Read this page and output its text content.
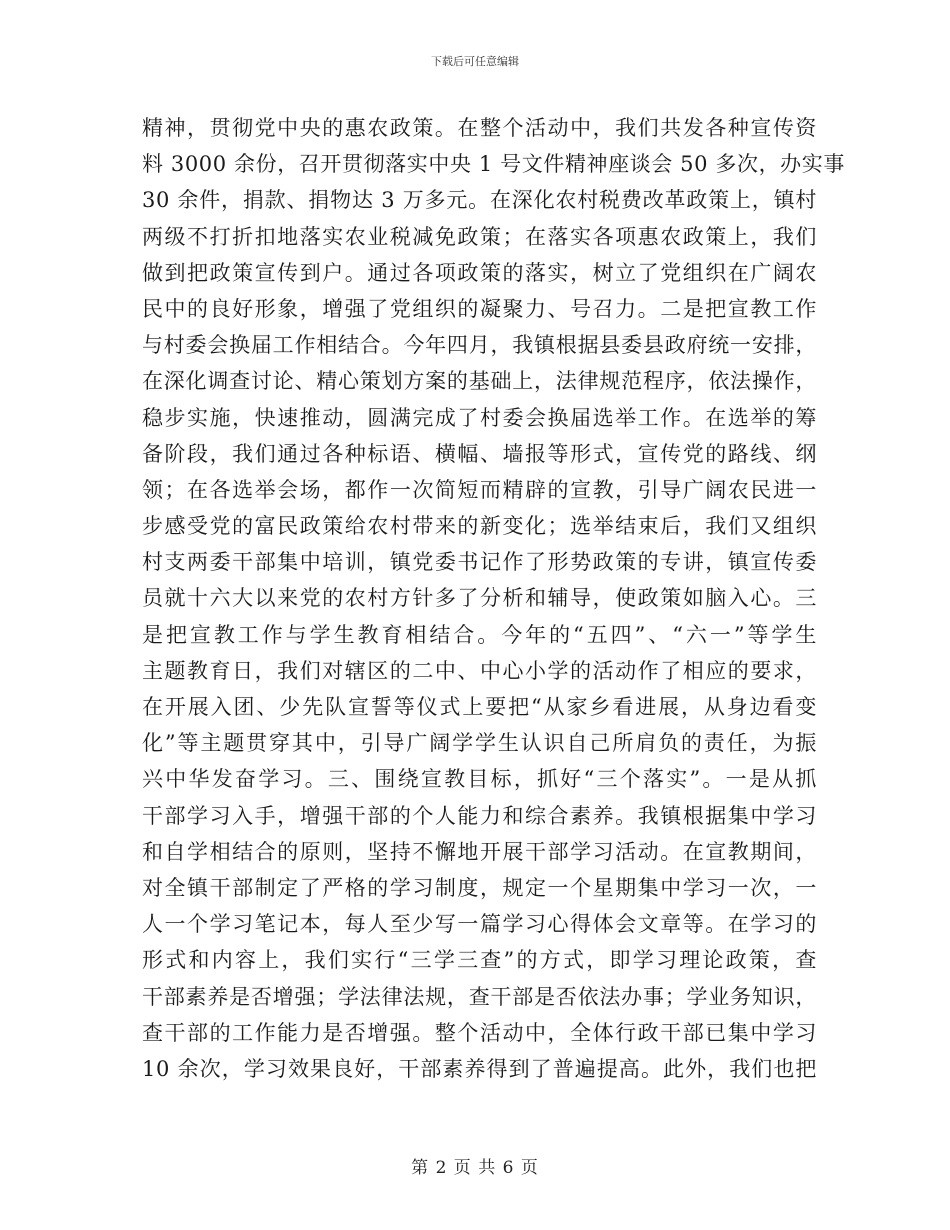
下载后可任意编辑
精神，贯彻党中央的惠农政策。在整个活动中，我们共发各种宣传资
料 3000 余份，召开贯彻落实中央 1 号文件精神座谈会 50 多次，办实事
30 余件，捐款、捐物达 3 万多元。在深化农村税费改革政策上，镇村
两级不打折扣地落实农业税减免政策；在落实各项惠农政策上，我们
做到把政策宣传到户。通过各项政策的落实，树立了党组织在广阔农
民中的良好形象，增强了党组织的凝聚力、号召力。二是把宣教工作
与村委会换届工作相结合。今年四月，我镇根据县委县政府统一安排，
在深化调查讨论、精心策划方案的基础上，法律规范程序，依法操作，
稳步实施，快速推动，圆满完成了村委会换届选举工作。在选举的筹
备阶段，我们通过各种标语、横幅、墙报等形式，宣传党的路线、纲
领；在各选举会场，都作一次简短而精辟的宣教，引导广阔农民进一
步感受党的富民政策给农村带来的新变化；选举结束后，我们又组织
村支两委干部集中培训，镇党委书记作了形势政策的专讲，镇宣传委
员就十六大以来党的农村方针多了分析和辅导，使政策如脑入心。三
是把宣教工作与学生教育相结合。今年的“五四”、“六一”等学生
主题教育日，我们对辖区的二中、中心小学的活动作了相应的要求，
在开展入团、少先队宣誓等仪式上要把“从家乡看进展，从身边看变
化”等主题贯穿其中，引导广阔学学生认识自己所肩负的责任，为振
兴中华发奋学习。三、围绕宣教目标，抓好“三个落实”。一是从抓
干部学习入手，增强干部的个人能力和综合素养。我镇根据集中学习
和自学相结合的原则，坚持不懈地开展干部学习活动。在宣教期间，
对全镇干部制定了严格的学习制度，规定一个星期集中学习一次，一
人一个学习笔记本，每人至少写一篇学习心得体会文章等。在学习的
形式和内容上，我们实行“三学三查”的方式，即学习理论政策，查
干部素养是否增强；学法律法规，查干部是否依法办事；学业务知识，
查干部的工作能力是否增强。整个活动中，全体行政干部已集中学习
10 余次，学习效果良好，干部素养得到了普遍提高。此外，我们也把
第 2 页 共 6 页
